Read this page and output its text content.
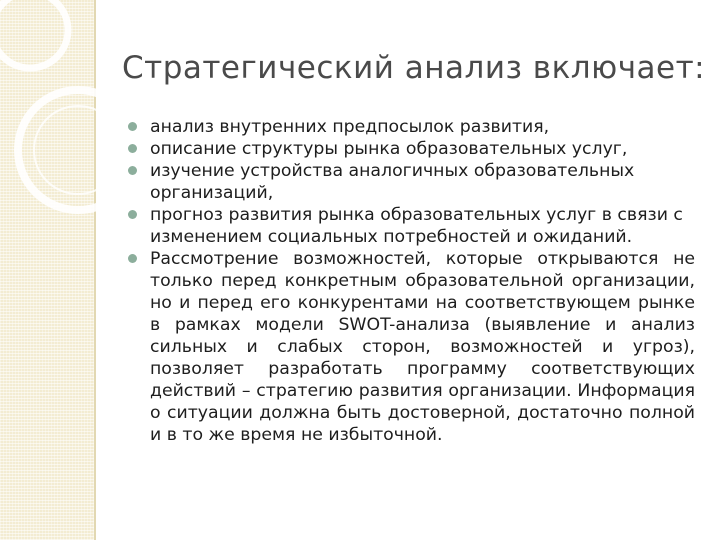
Стратегический анализ включает:
анализ внутренних предпосылок развития,
описание структуры рынка образовательных услуг,
изучение устройства аналогичных образовательных организаций,
прогноз развития рынка образовательных услуг в связи с изменением социальных потребностей и ожиданий.
Рассмотрение возможностей, которые открываются не только перед конкретным образовательной организации, но и перед его конкурентами на соответствующем рынке в рамках модели SWOT-анализа (выявление и анализ сильных и слабых сторон, возможностей и угроз), позволяет разработать программу соответствующих действий – стратегию развития организации. Информация о ситуации должна быть достоверной, достаточно полной и в то же время не избыточной.
